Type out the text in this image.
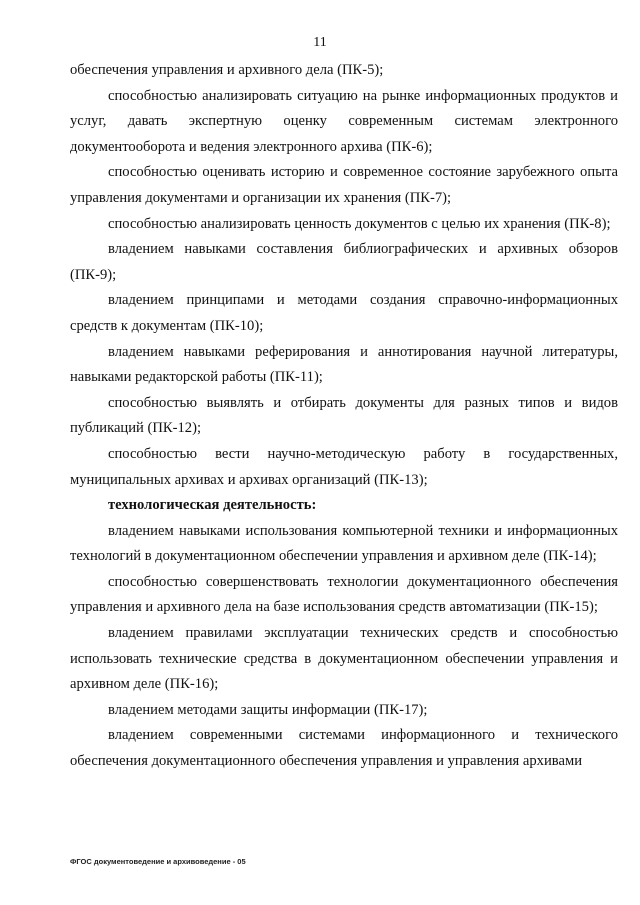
11

обеспечения управления и архивного дела (ПК-5);

способностью анализировать ситуацию на рынке информационных продуктов и услуг, давать экспертную оценку современным системам электронного документооборота и ведения электронного архива (ПК-6);

способностью оценивать историю и современное состояние зарубежного опыта управления документами и организации их хранения (ПК-7);

способностью анализировать ценность документов с целью их хранения (ПК-8);

владением навыками составления библиографических и архивных обзоров (ПК-9);

владением принципами и методами создания справочно-информационных средств к документам (ПК-10);

владением навыками реферирования и аннотирования научной литературы, навыками редакторской работы (ПК-11);

способностью выявлять и отбирать документы для разных типов и видов публикаций (ПК-12);

способностью вести научно-методическую работу в государственных, муниципальных архивах и архивах организаций (ПК-13);

технологическая деятельность:

владением навыками использования компьютерной техники и информационных технологий в документационном обеспечении управления и архивном деле (ПК-14);

способностью совершенствовать технологии документационного обеспечения управления и архивного дела на базе использования средств автоматизации (ПК-15);

владением правилами эксплуатации технических средств и способностью использовать технические средства в документационном обеспечении управления и архивном деле (ПК-16);

владением методами защиты информации (ПК-17);

владением современными системами информационного и технического обеспечения документационного обеспечения управления и управления архивами

ФГОС документоведение и архивоведение - 05
